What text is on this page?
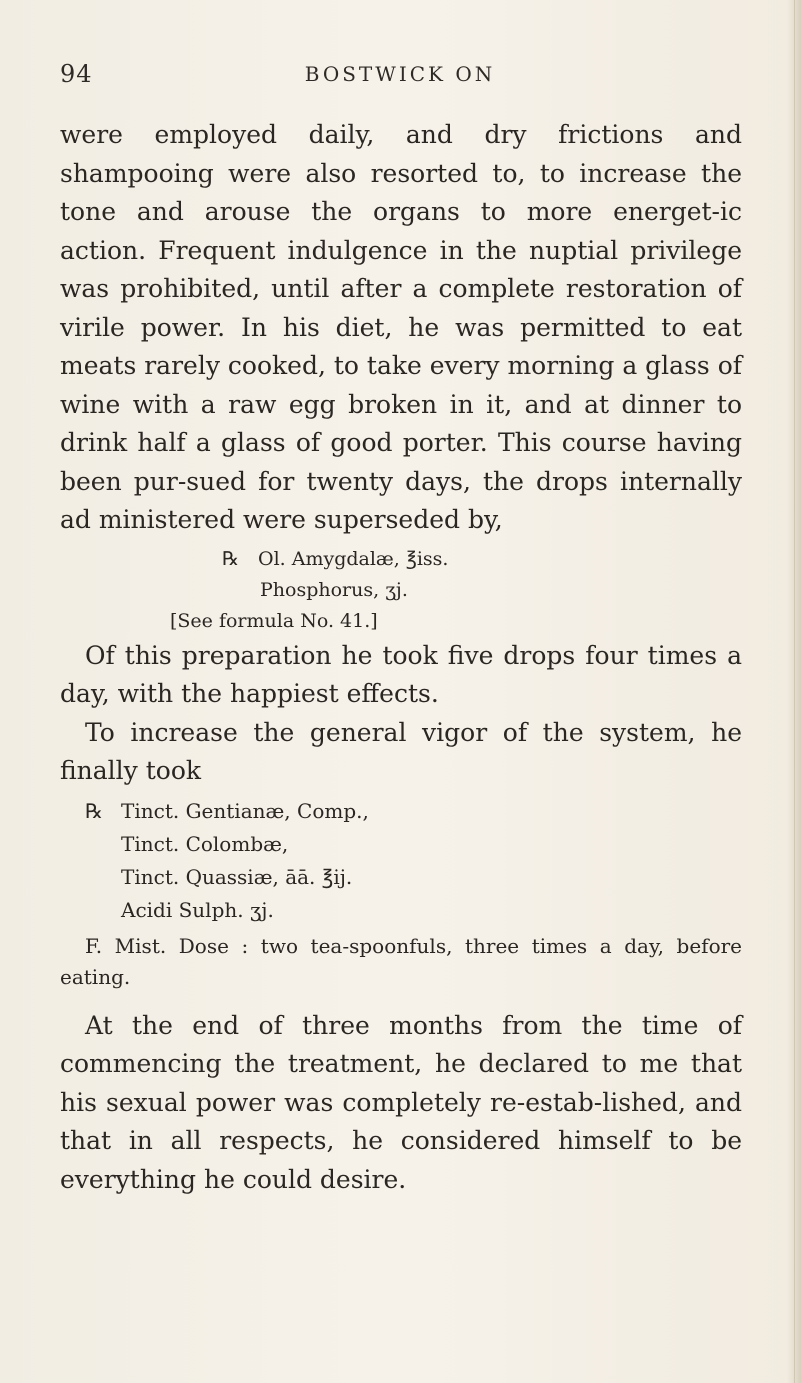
94	BOSTWICK ON

were employed daily, and dry frictions and shampooing were also resorted to, to increase the tone and arouse the organs to more energet-ic action. Frequent indulgence in the nuptial privilege was prohibited, until after a complete restoration of virile power. In his diet, he was permitted to eat meats rarely cooked, to take every morning a glass of wine with a raw egg broken in it, and at dinner to drink half a glass of good porter. This course having been pur-sued for twenty days, the drops internally ad ministered were superseded by,

℞ Ol. Amygdalæ, ℥iss.
Phosphorus, ʒj.
[See formula No. 41.]

Of this preparation he took five drops four times a day, with the happiest effects.

To increase the general vigor of the system, he finally took

℞ Tinct. Gentianæ, Comp.,
Tinct. Colombæ,
Tinct. Quassiæ, āā. ℥ij.
Acidi Sulph. ʒj.

F. Mist. Dose : two tea-spoonfuls, three times a day, before eating.

At the end of three months from the time of commencing the treatment, he declared to me that his sexual power was completely re-estab-lished, and that in all respects, he considered himself to be everything he could desire.
